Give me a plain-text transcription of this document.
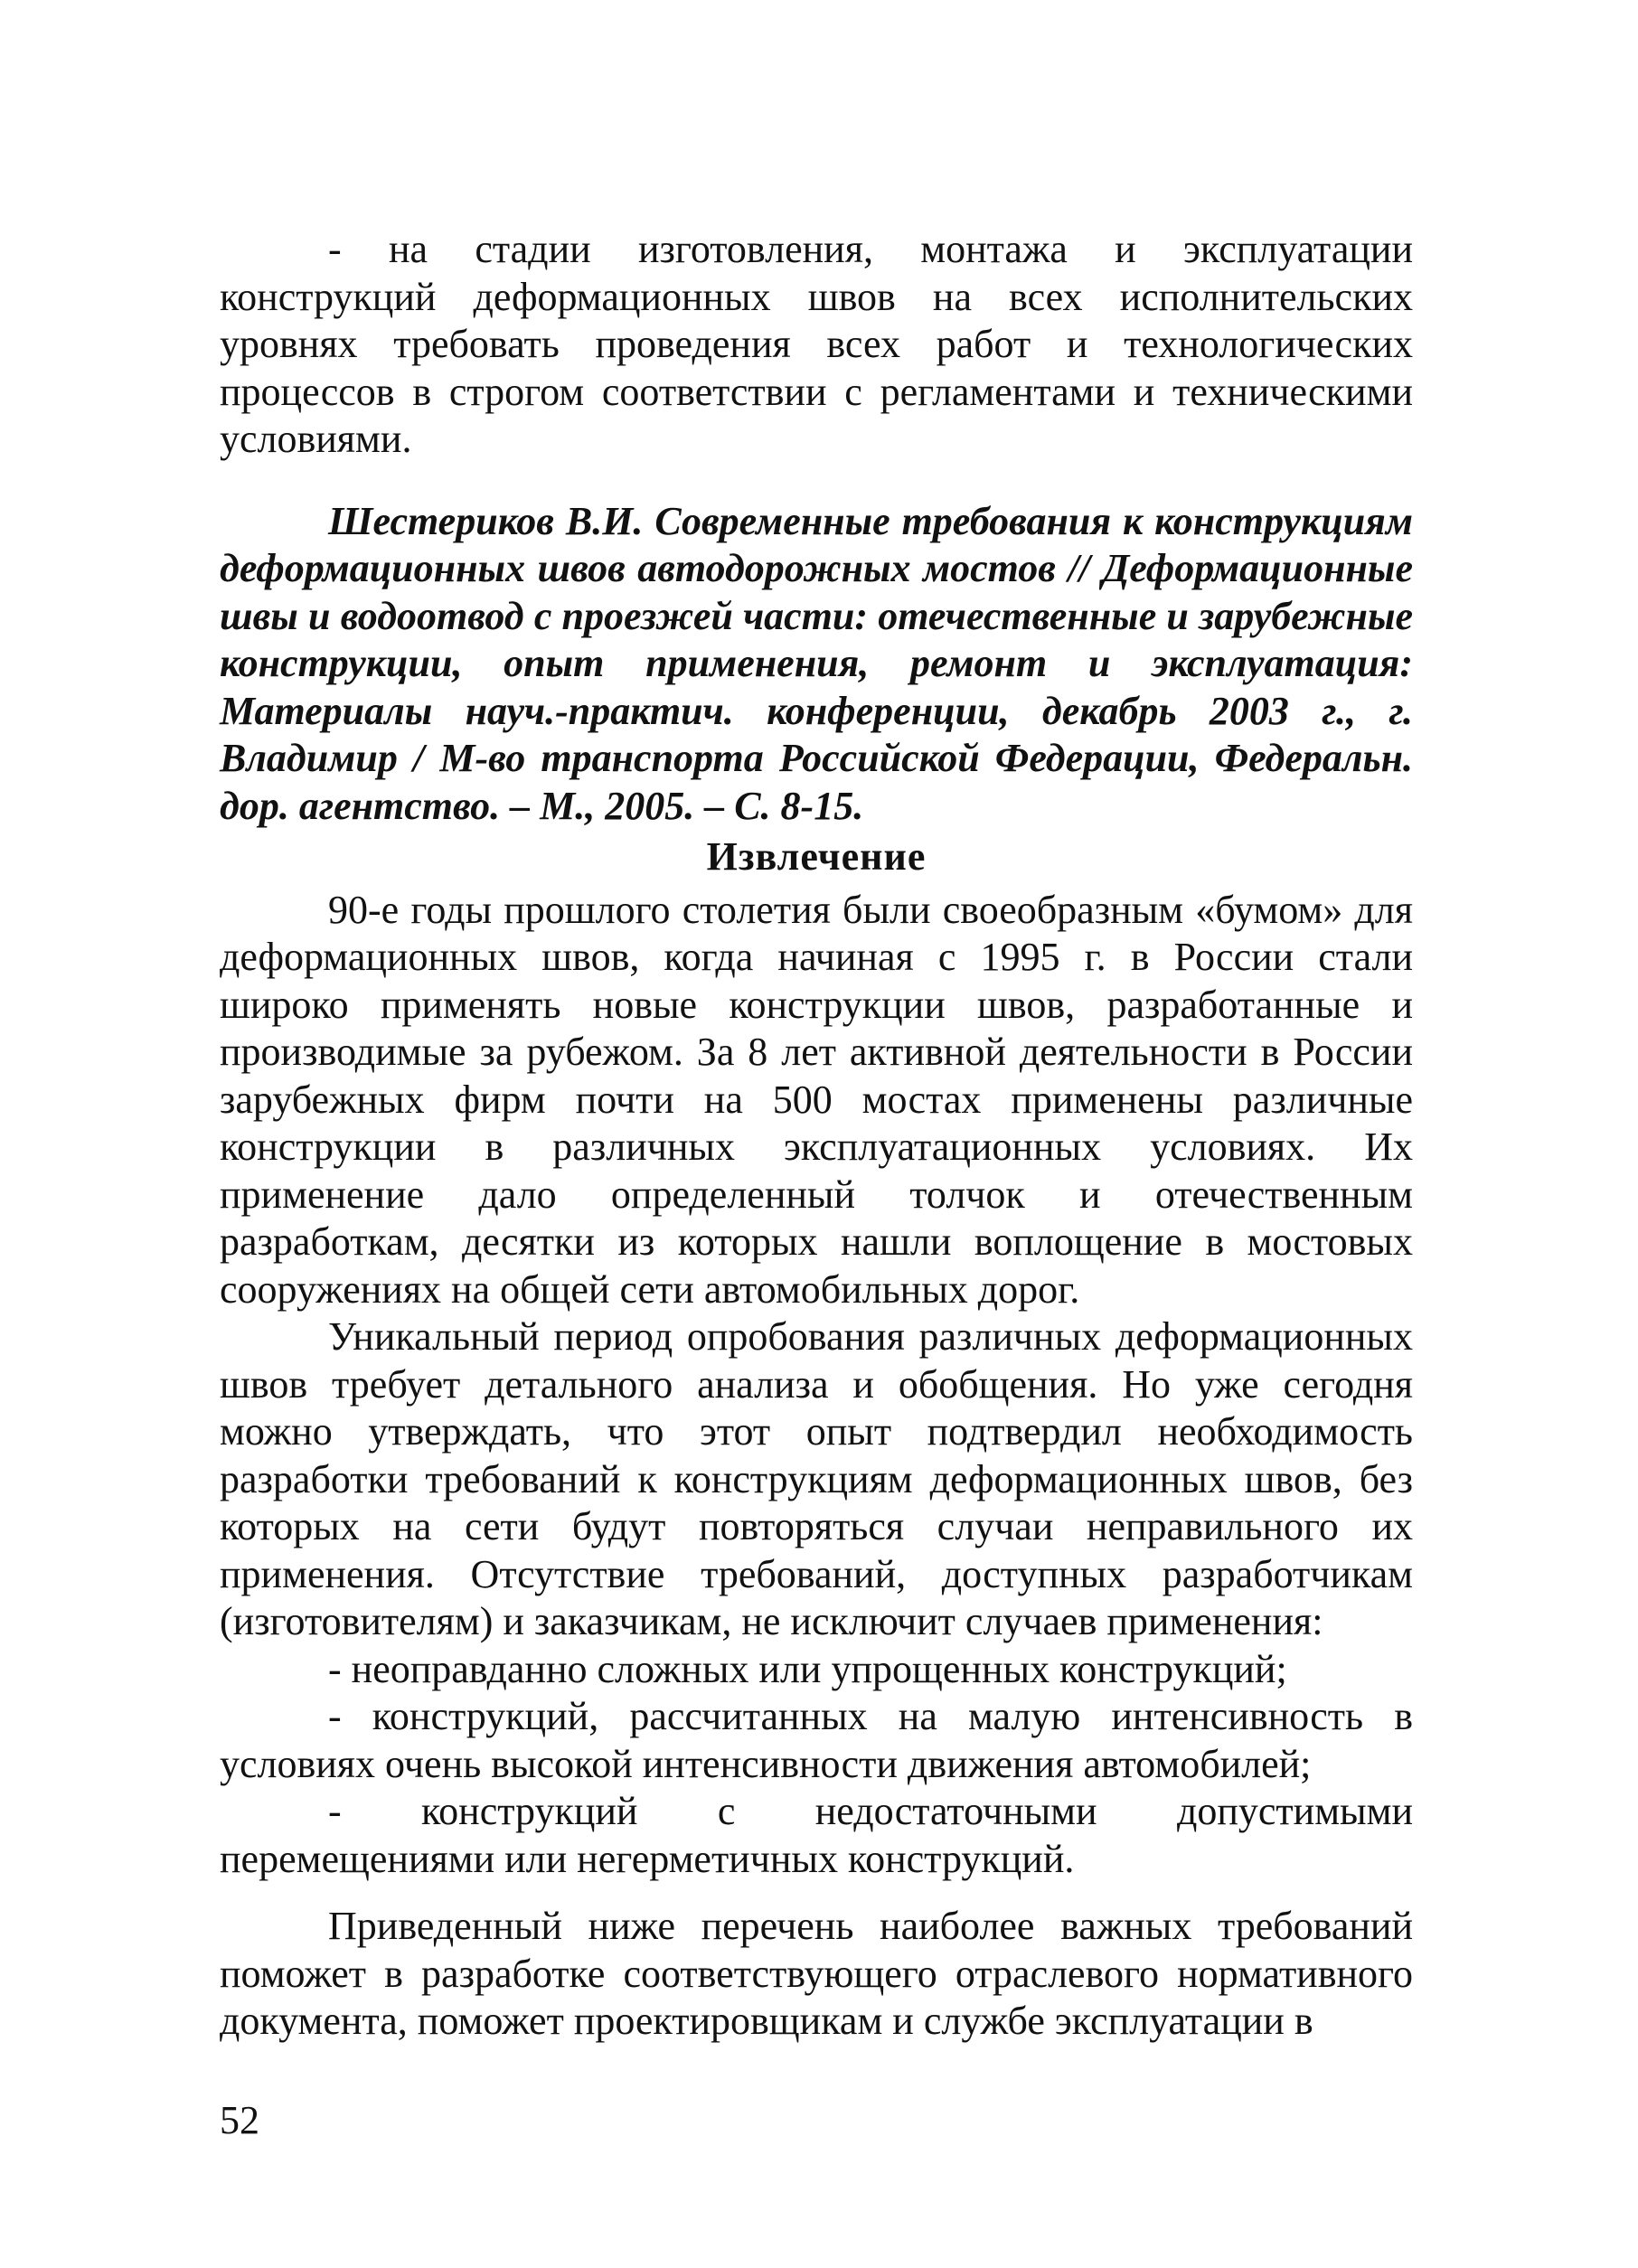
- на стадии изготовления, монтажа и эксплуатации конструкций деформационных швов на всех исполнительских уровнях требовать проведения всех работ и технологических процессов в строгом соответствии с регламентами и техническими условиями.

Шестериков В.И. Современные требования к конструкциям деформационных швов автодорожных мостов // Деформационные швы и водоотвод с проезжей части: отечественные и зарубежные конструкции, опыт применения, ремонт и эксплуатация: Материалы науч.-практич. конференции, декабрь 2003 г., г. Владимир / М-во транспорта Российской Федерации, Федеральн. дор. агентство. – М., 2005. – С. 8-15.

Извлечение

90-е годы прошлого столетия были своеобразным «бумом» для деформационных швов, когда начиная с 1995 г. в России стали широко применять новые конструкции швов, разработанные и производимые за рубежом. За 8 лет активной деятельности в России зарубежных фирм почти на 500 мостах применены различные конструкции в различных эксплуатационных условиях. Их применение дало определенный толчок и отечественным разработкам, десятки из которых нашли воплощение в мостовых сооружениях на общей сети автомобильных дорог.

Уникальный период опробования различных деформационных швов требует детального анализа и обобщения. Но уже сегодня можно утверждать, что этот опыт подтвердил необходимость разработки требований к конструкциям деформационных швов, без которых на сети будут повторяться случаи неправильного их применения. Отсутствие требований, доступных разработчикам (изготовителям) и заказчикам, не исключит случаев применения:

- неоправданно сложных или упрощенных конструкций;

- конструкций, рассчитанных на малую интенсивность в условиях очень высокой интенсивности движения автомобилей;

- конструкций с недостаточными допустимыми перемещениями или негерметичных конструкций.

Приведенный ниже перечень наиболее важных требований поможет в разработке соответствующего отраслевого нормативного документа, поможет проектировщикам и службе эксплуатации в

52
